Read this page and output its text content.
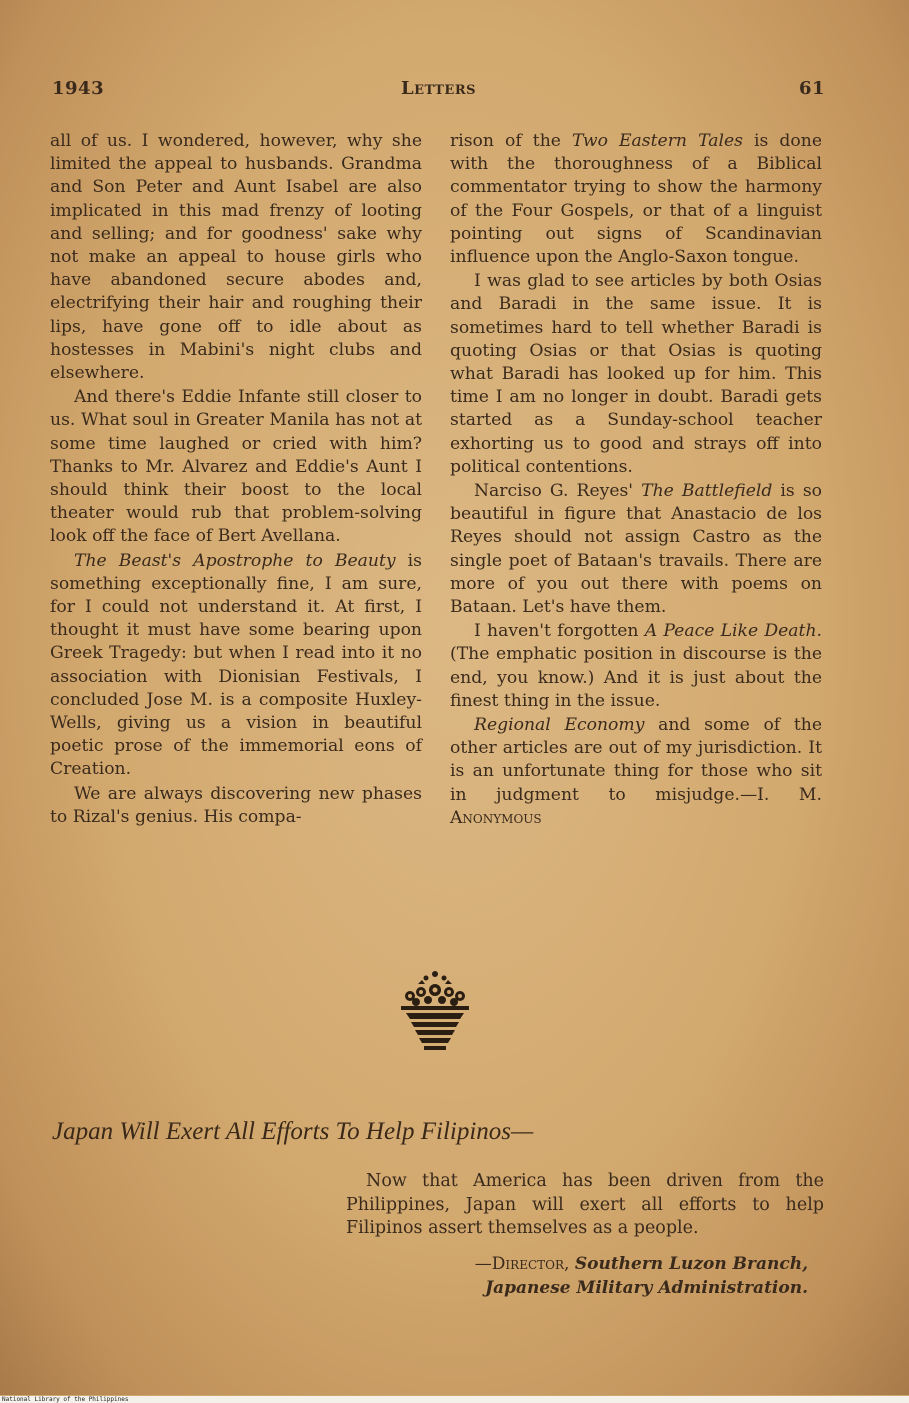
1943	Letters	61

all of us. I wondered, however, why she limited the appeal to husbands. Grandma and Son Peter and Aunt Isabel are also implicated in this mad frenzy of looting and selling; and for goodness' sake why not make an appeal to house girls who have abandoned secure abodes and, electrifying their hair and roughing their lips, have gone off to idle about as hostesses in Mabini's night clubs and elsewhere.

And there's Eddie Infante still closer to us. What soul in Greater Manila has not at some time laughed or cried with him? Thanks to Mr. Alvarez and Eddie's Aunt I should think their boost to the local theater would rub that problem-solving look off the face of Bert Avellana.

The Beast's Apostrophe to Beauty is something exceptionally fine, I am sure, for I could not understand it. At first, I thought it must have some bearing upon Greek Tragedy: but when I read into it no association with Dionisian Festivals, I concluded Jose M. is a composite Huxley-Wells, giving us a vision in beautiful poetic prose of the immemorial eons of Creation.

We are always discovering new phases to Rizal's genius. His compa-

rison of the Two Eastern Tales is done with the thoroughness of a Biblical commentator trying to show the harmony of the Four Gospels, or that of a linguist pointing out signs of Scandinavian influence upon the Anglo-Saxon tongue.

I was glad to see articles by both Osias and Baradi in the same issue. It is sometimes hard to tell whether Baradi is quoting Osias or that Osias is quoting what Baradi has looked up for him. This time I am no longer in doubt. Baradi gets started as a Sunday-school teacher exhorting us to good and strays off into political contentions.

Narciso G. Reyes' The Battlefield is so beautiful in figure that Anastacio de los Reyes should not assign Castro as the single poet of Bataan's travails. There are more of you out there with poems on Bataan. Let's have them.

I haven't forgotten A Peace Like Death. (The emphatic position in discourse is the end, you know.) And it is just about the finest thing in the issue.

Regional Economy and some of the other articles are out of my jurisdiction. It is an unfortunate thing for those who sit in judgment to misjudge.—I. M. Anonymous

Japan Will Exert All Efforts To Help Filipinos—

Now that America has been driven from the Philippines, Japan will exert all efforts to help Filipinos assert themselves as a people.

—Director, Southern Luzon Branch,
Japanese Military Administration.
National Library of the Philippines
